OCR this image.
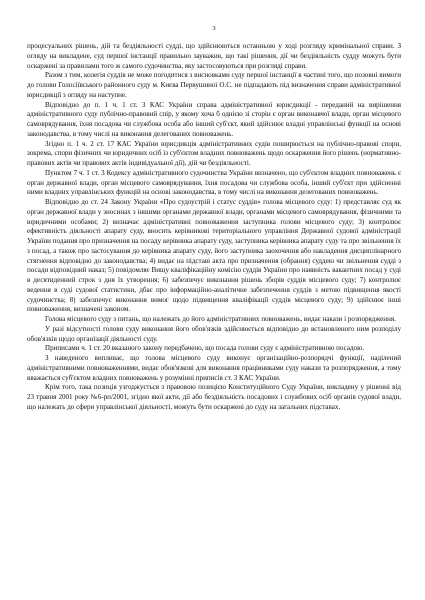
3

процесуальних рішень, дій та бездіяльності судді, що здійснюються останньою у ході розгляду кримінальної справи. З огляду на викладене, суд першої інстанції правильно зауважив, що такі рішення, дії чи бездіяльність судду можуть бути оскаржені за правилами того ж самого судочинства, яку застосовуються при розгляді справи.

Разом з тим, колегія суддів не може погодитися з висновками суду першої інстанції в частині того, що позовні вимоги до голови Голосіївського районного суду м. Києва Первушиної О.С. не підпадають під визначення справи адміністративної юрисдикції з огляду на наступне.

Відповідно до п. 1 ч. 1 ст. 3 КАС України справа адміністративної юрисдикції - переданий на вирішення адміністративного суду публічно-правовий спір, у якому хоча б однією зі сторін є орган виконавчої влади, орган місцевого самоврядування, їхня посадова чи службова особа або інший суб'єкт, який здійснює владні управлінські функції на основі законодавства, в тому числі на виконання делегованих повноважень.

Згідно п. 1 ч. 2 ст. 17 КАС України юрисдикція адміністративних судів поширюється на публічно-правові спори, зокрема, спори фізичних чи юридичних осіб із суб'єктом владних повноважень щодо оскарження його рішень (нормативно-правових актів чи правових актів індивідуальної дії), дій чи бездіяльності.

Пунктом 7 ч. 1 ст. 3 Кодексу адміністративного судочинства України визначено, що суб'єктом владних повноважень є орган державної влади, орган місцевого самоврядування, їхня посадова чи службова особа, інший суб'єкт при здійсненні ними владних управлінських функцій на основі законодавства, в тому числі на виконання делегованих повноважень.

Відповідно до ст. 24 Закону України «Про судоустрій і статус суддів» голова місцевого суду: 1) представляє суд як орган державної влади у зносинах з іншими органами державної влади, органами місцевого самоврядування, фізичними та юридичними особами; 2) визначає адміністративні повноваження заступника голови місцевого суду; 3) контролює ефективність діяльності апарату суду, вносить керівникові територіального управління Державної судової адміністрації України подання про призначення на посаду керівника апарату суду, заступника керівника апарату суду та про звільнення їх з посад, а також про застосування до керівника апарату суду, його заступника заохочення або накладення дисциплінарного стягнення відповідно до законодавства; 4) видає на підставі акта про призначення (обрання) суддею чи звільнення судді з посади відповідний наказ; 5) повідомляє Вищу кваліфікаційну комісію суддів України про наявність вакантних посад у суді в десятиденний строк з дня їх утворення; 6) забезпечує виконання рішень зборів суддів місцевого суду; 7) контролює ведення в суді судової статистики, дбає про інформаційно-аналітичне забезпечення суддів з метою підвищення якості судочинства; 8) забезпечує виконання вимог щодо підвищення кваліфікації суддів місцевого суду; 9) здійснює інші повноваження, визначені законом.

Голова місцевого суду з питань, що належать до його адміністративних повноважень, видає накази і розпорядження.

У разі відсутності голови суду виконання його обов'язків здійснюється відповідно до встановленого ним розподілу обов'язків щодо організації діяльності суду.

Приписами ч. 1 ст. 20 вказаного закону передбачено, що посада голови суду є адміністративною посадою.

З наведеного випливає, що голова місцевого суду виконує організаційно-розпорядчі функції, наділений адміністративними повноваженнями, видає обов'язкові для виконання працівниками суду накази та розпорядження, а тому вважається суб'єктом владних повноважень у розумінні приписів ст. 3 КАС України.

Крім того, така позиція узгоджується з правовою позицією Конституційного Суду України, викладену у рішенні від 23 травня 2001 року №6-рп/2001, згідно якої акти, дії або бездіяльність посадових і службових осіб органів судової влади, що належать до сфери управлінської діяльності, можуть бути оскаржені до суду на загальних підставах.
